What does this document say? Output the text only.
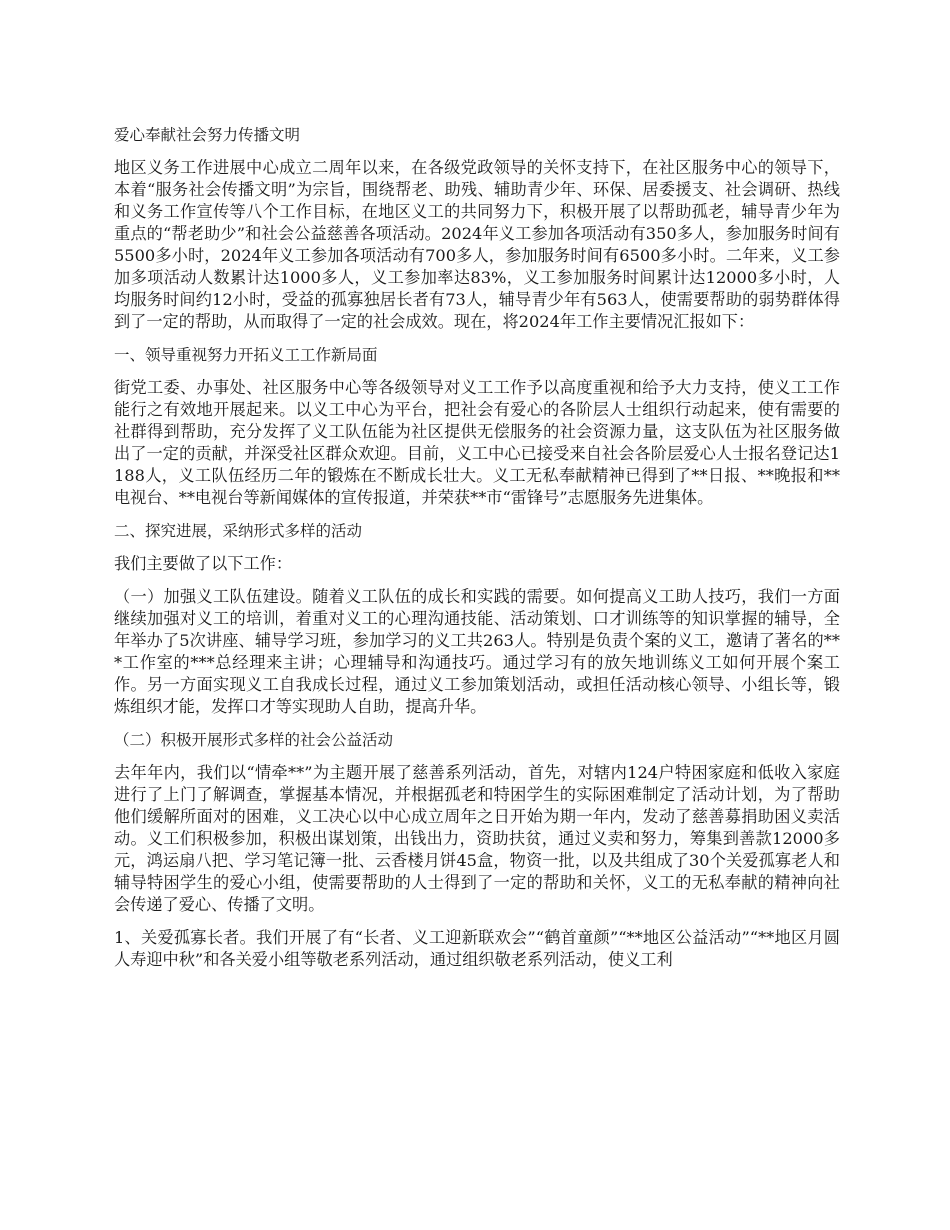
爱心奉献社会努力传播文明

地区义务工作进展中心成立二周年以来，在各级党政领导的关怀支持下，在社区服务中心的领导下，本着“服务社会传播文明”为宗旨，围绕帮老、助残、辅助青少年、环保、居委援支、社会调研、热线和义务工作宣传等八个工作目标，在地区义工的共同努力下，积极开展了以帮助孤老，辅导青少年为重点的“帮老助少”和社会公益慈善各项活动。2024年义工参加各项活动有350多人，参加服务时间有5500多小时，2024年义工参加各项活动有700多人，参加服务时间有6500多小时。二年来，义工参加多项活动人数累计达1000多人，义工参加率达83%，义工参加服务时间累计达12000多小时，人均服务时间约12小时，受益的孤寡独居长者有73人，辅导青少年有563人，使需要帮助的弱势群体得到了一定的帮助，从而取得了一定的社会成效。现在，将2024年工作主要情况汇报如下：

一、领导重视努力开拓义工工作新局面

街党工委、办事处、社区服务中心等各级领导对义工工作予以高度重视和给予大力支持，使义工工作能行之有效地开展起来。以义工中心为平台，把社会有爱心的各阶层人士组织行动起来，使有需要的社群得到帮助，充分发挥了义工队伍能为社区提供无偿服务的社会资源力量，这支队伍为社区服务做出了一定的贡献，并深受社区群众欢迎。目前，义工中心已接受来自社会各阶层爱心人士报名登记达1188人，义工队伍经历二年的锻炼在不断成长壮大。义工无私奉献精神已得到了**日报、**晚报和**电视台、**电视台等新闻媒体的宣传报道，并荣获**市“雷锋号”志愿服务先进集体。

二、探究进展，采纳形式多样的活动

我们主要做了以下工作：

（一）加强义工队伍建设。随着义工队伍的成长和实践的需要。如何提高义工助人技巧，我们一方面继续加强对义工的培训，着重对义工的心理沟通技能、活动策划、口才训练等的知识掌握的辅导，全年举办了5次讲座、辅导学习班，参加学习的义工共263人。特别是负责个案的义工，邀请了著名的***工作室的***总经理来主讲；心理辅导和沟通技巧。通过学习有的放矢地训练义工如何开展个案工作。另一方面实现义工自我成长过程，通过义工参加策划活动，或担任活动核心领导、小组长等，锻炼组织才能，发挥口才等实现助人自助，提高升华。

（二）积极开展形式多样的社会公益活动

去年年内，我们以“情牵**”为主题开展了慈善系列活动，首先，对辖内124户特困家庭和低收入家庭进行了上门了解调查，掌握基本情况，并根据孤老和特困学生的实际困难制定了活动计划，为了帮助他们缓解所面对的困难，义工决心以中心成立周年之日开始为期一年内，发动了慈善募捐助困义卖活动。义工们积极参加，积极出谋划策，出钱出力，资助扶贫，通过义卖和努力，筹集到善款12000多元，鸿运扇八把、学习笔记簿一批、云香楼月饼45盒，物资一批，以及共组成了30个关爱孤寡老人和辅导特困学生的爱心小组，使需要帮助的人士得到了一定的帮助和关怀，义工的无私奉献的精神向社会传递了爱心、传播了文明。

1、关爱孤寡长者。我们开展了有“长者、义工迎新联欢会”“鹤首童颜”“**地区公益活动”“**地区月圆人寿迎中秋”和各关爱小组等敬老系列活动，通过组织敬老系列活动，使义工利
